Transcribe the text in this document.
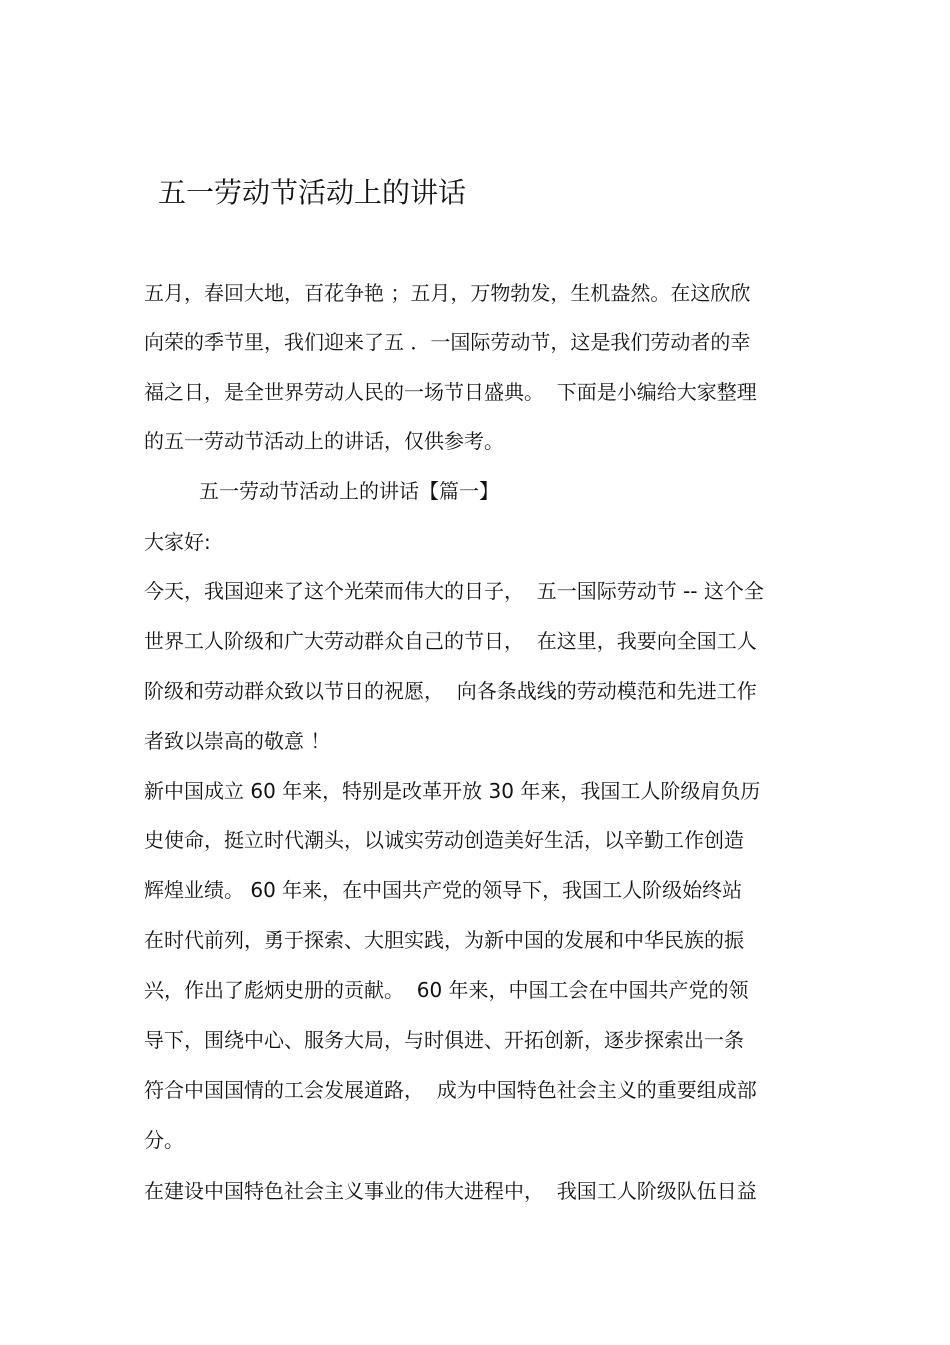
五一劳动节活动上的讲话
五月，春回大地，百花争艳 ；五月，万物勃发，生机盎然。在这欣欣
向荣的季节里，我们迎来了五 ．一国际劳动节，这是我们劳动者的幸
福之日，是全世界劳动人民的一场节日盛典。  下面是小编给大家整理
的五一劳动节活动上的讲话，仅供参考。
五一劳动节活动上的讲话【篇一】
大家好:
今天，我国迎来了这个光荣而伟大的日子，  五一国际劳动节 -- 这个全
世界工人阶级和广大劳动群众自己的节日，  在这里，我要向全国工人
阶级和劳动群众致以节日的祝愿，  向各条战线的劳动模范和先进工作
者致以崇高的敬意 ！
新中国成立 60 年来，特别是改革开放 30 年来，我国工人阶级肩负历
史使命，挺立时代潮头，以诚实劳动创造美好生活，以辛勤工作创造
辉煌业绩。 60 年来，在中国共产党的领导下，我国工人阶级始终站
在时代前列，勇于探索、大胆实践，为新中国的发展和中华民族的振
兴，作出了彪炳史册的贡献。  60 年来，中国工会在中国共产党的领
导下，围绕中心、服务大局，与时俱进、开拓创新，逐步探索出一条
符合中国国情的工会发展道路，  成为中国特色社会主义的重要组成部
分。
在建设中国特色社会主义事业的伟大进程中，  我国工人阶级队伍日益
